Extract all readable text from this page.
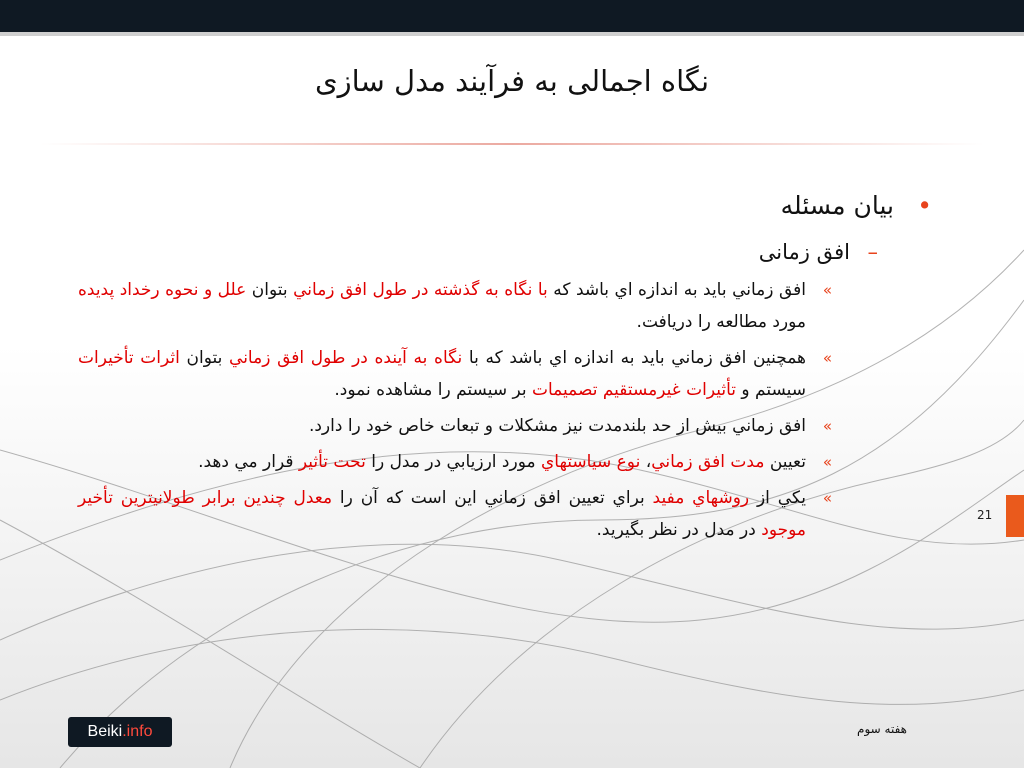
نگاه اجمالی به فرآیند مدل سازی
•
بیان مسئله
–
افق زمانی
»
افق زماني بايد به اندازه اي باشد كه با نگاه به گذشته در طول افق زماني بتوان علل و نحوه رخداد پديده مورد مطالعه را دريافت.
»
همچنين افق زماني بايد به اندازه اي باشد كه با نگاه به آينده در طول افق زماني بتوان اثرات تأخيرات سيستم و تأثيرات غيرمستقيم تصميمات بر سيستم را مشاهده نمود.
»
افق زماني بيش از حد بلندمدت نيز مشكلات و تبعات خاص خود را دارد.
»
تعيين مدت افق زماني، نوع سياستهاي مورد ارزيابي در مدل را تحت تأثير قرار مي دهد.
»
يكي از روشهاي مفيد براي تعيين افق زماني اين است كه آن را معدل چندين برابر طولانيترين تأخير موجود در مدل در نظر بگيريد.
21
Beiki .info	هفته سوم
